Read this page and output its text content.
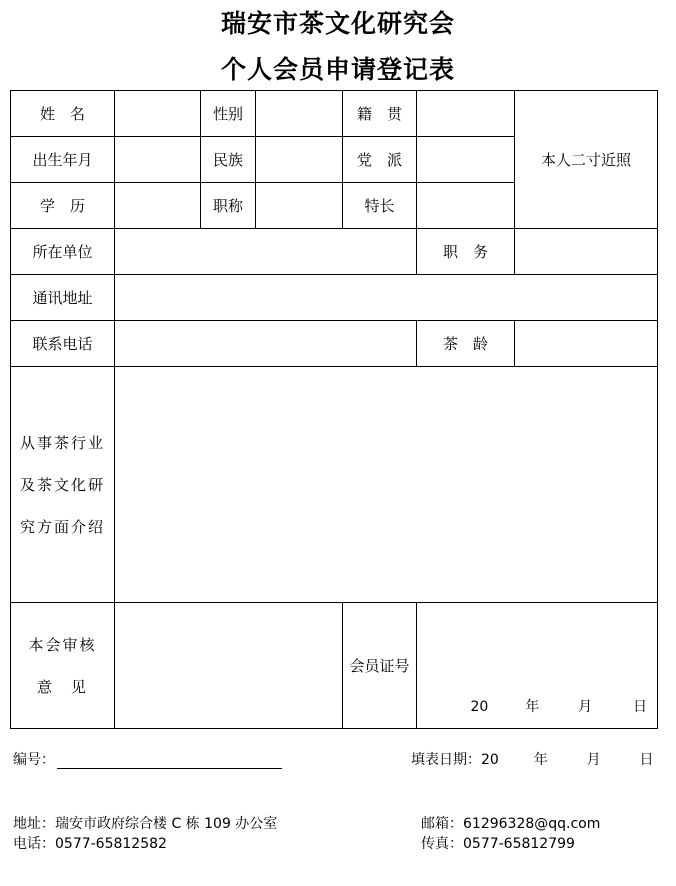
瑞安市茶文化研究会
个人会员申请登记表
姓　名		性别		籍　贯		本人二寸近照
出生年月		民族		党　派		
学　历		职称		特长		
所在单位					职　务	
通讯地址						
联系电话					茶　龄	

从事茶行业
及茶文化研
究方面介绍						

本会审核
意　见				会员证号	20 年 月 日	
编号：	填表日期：20 年	月	日
地址：瑞安市政府综合楼 C 栋 109 办公室
电话：0577-65812582
邮箱：61296328@qq.com
传真：0577-65812799
